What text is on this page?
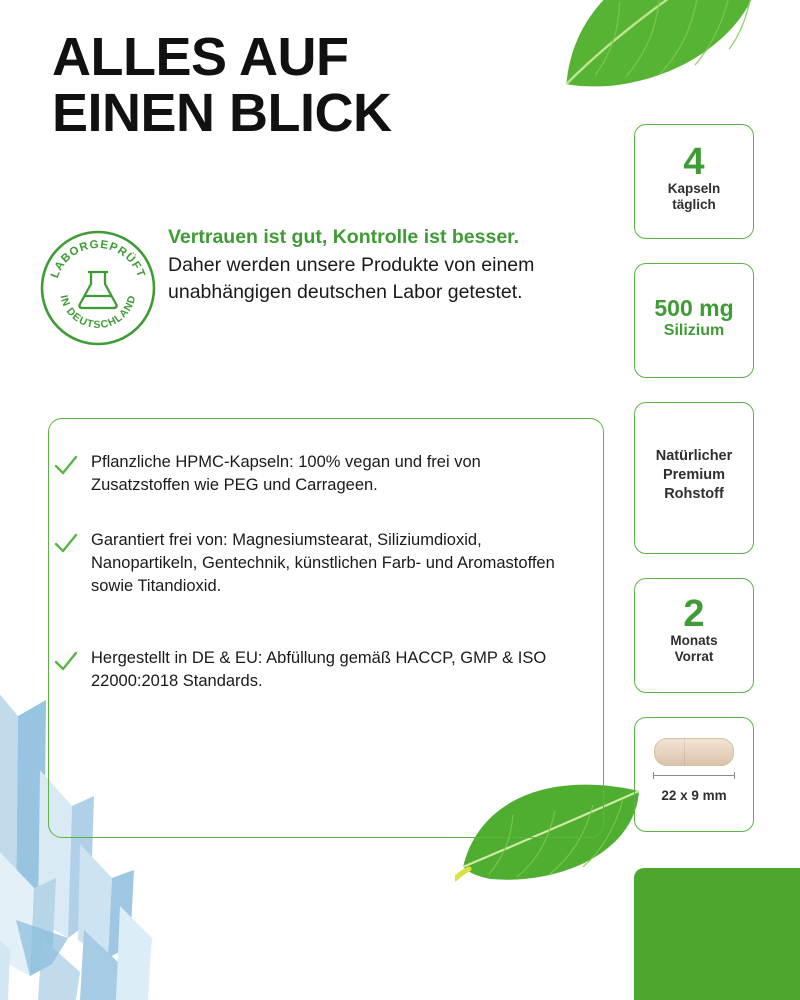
ALLES AUF
EINEN BLICK
LABORGEPRÜFT
IN DEUTSCHLAND
Vertrauen ist gut, Kontrolle ist besser.
Daher werden unsere Produkte von einem unabhängigen deutschen Labor getestet.
Pflanzliche HPMC-Kapseln: 100% vegan und frei von Zusatzstoffen wie PEG und Carrageen.
Garantiert frei von: Magnesiumstearat, Siliziumdioxid, Nanopartikeln, Gentechnik, künstlichen Farb- und Aromastoffen sowie Titandioxid.
Hergestellt in DE & EU: Abfüllung gemäß HACCP, GMP & ISO 22000:2018 Standards.
4
Kapseln
täglich
500 mg
Silizium
Natürlicher
Premium
Rohstoff
2
Monats
Vorrat
22 x 9 mm
